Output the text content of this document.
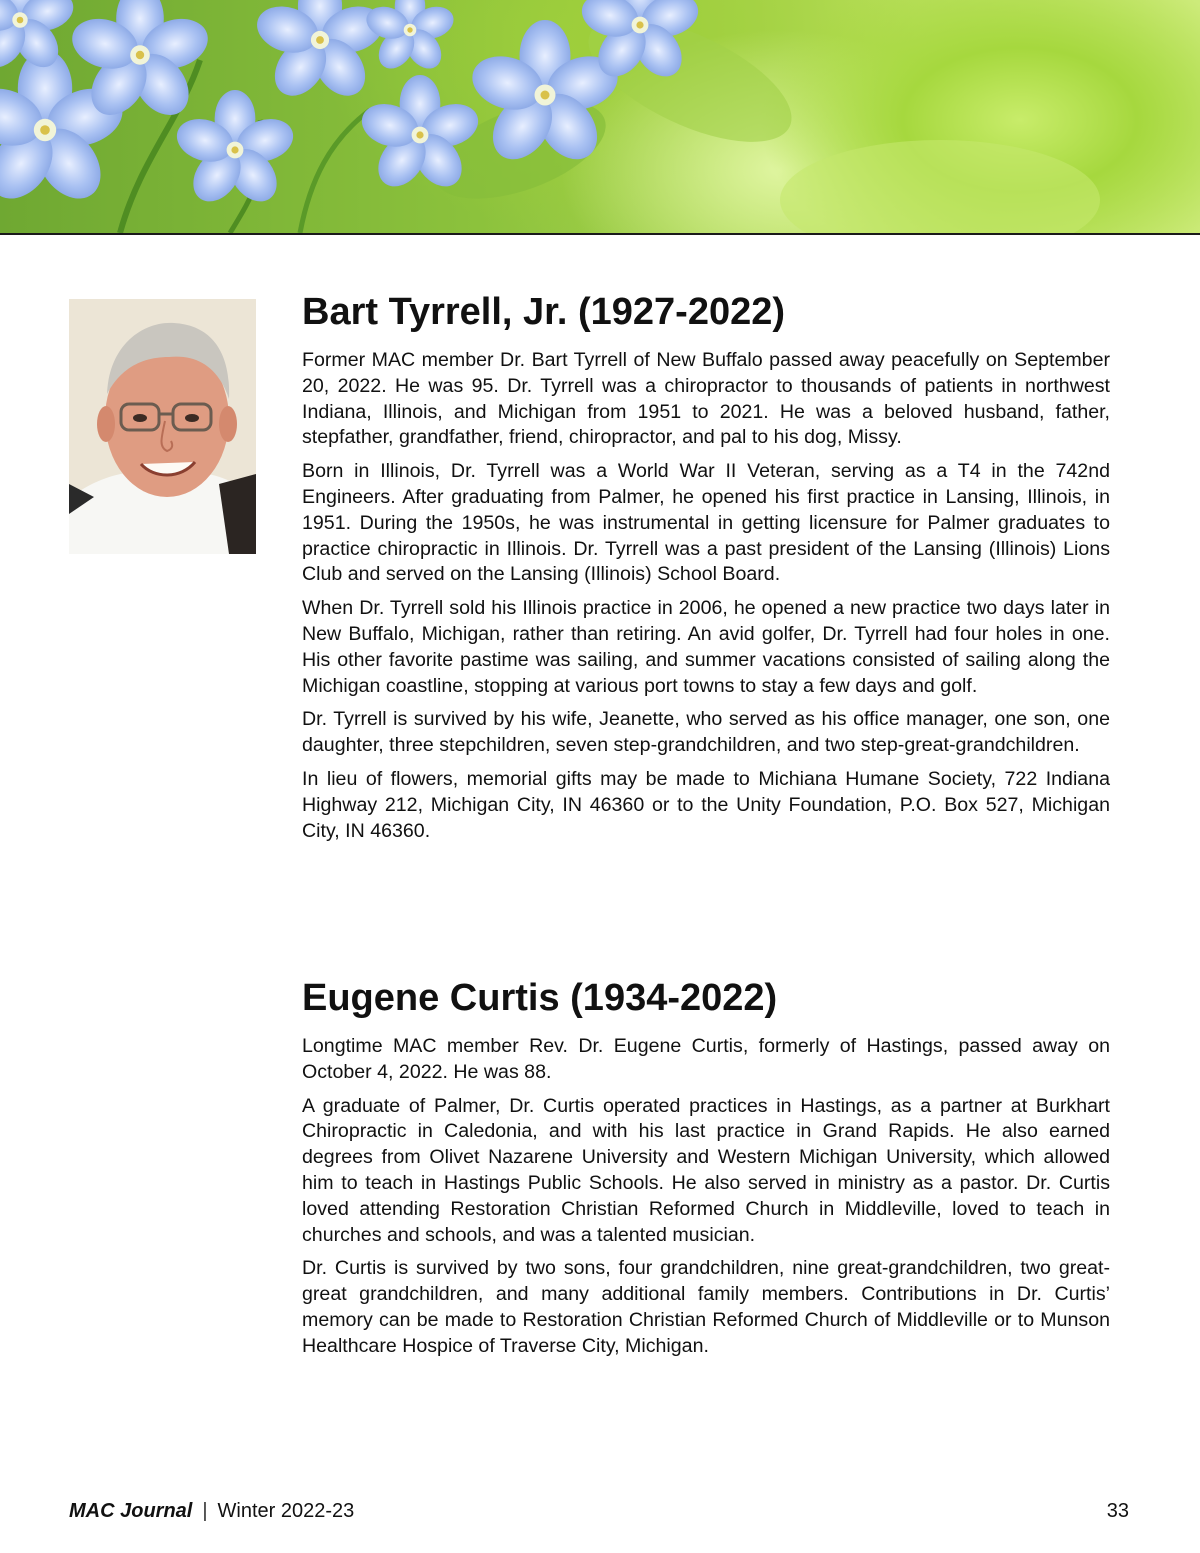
Bart Tyrrell, Jr. (1927-2022)

Former MAC member Dr. Bart Tyrrell of New Buffalo passed away peacefully on September 20, 2022. He was 95. Dr. Tyrrell was a chiropractor to thousands of patients in northwest Indiana, Illinois, and Michigan from 1951 to 2021. He was a beloved husband, father, stepfather, grandfather, friend, chiropractor, and pal to his dog, Missy.

Born in Illinois, Dr. Tyrrell was a World War II Veteran, serving as a T4 in the 742nd Engineers. After graduating from Palmer, he opened his first practice in Lansing, Illinois, in 1951. During the 1950s, he was instrumental in getting licensure for Palmer graduates to practice chiropractic in Illinois. Dr. Tyrrell was a past president of the Lansing (Illinois) Lions Club and served on the Lansing (Illinois) School Board.

When Dr. Tyrrell sold his Illinois practice in 2006, he opened a new practice two days later in New Buffalo, Michigan, rather than retiring. An avid golfer, Dr. Tyrrell had four holes in one. His other favorite pastime was sailing, and summer vacations consisted of sailing along the Michigan coastline, stopping at various port towns to stay a few days and golf.

Dr. Tyrrell is survived by his wife, Jeanette, who served as his office manager, one son, one daughter, three stepchildren, seven step-grandchildren, and two step-great-grandchildren.

In lieu of flowers, memorial gifts may be made to Michiana Humane Society, 722 Indiana Highway 212, Michigan City, IN 46360 or to the Unity Foundation, P.O. Box 527, Michigan City, IN 46360.

Eugene Curtis (1934-2022)

Longtime MAC member Rev. Dr. Eugene Curtis, formerly of Hastings, passed away on October 4, 2022. He was 88.

A graduate of Palmer, Dr. Curtis operated practices in Hastings, as a partner at Burkhart Chiropractic in Caledonia, and with his last practice in Grand Rapids. He also earned degrees from Olivet Nazarene University and Western Michigan University, which allowed him to teach in Hastings Public Schools. He also served in ministry as a pastor. Dr. Curtis loved attending Restoration Christian Reformed Church in Middleville, loved to teach in churches and schools, and was a talented musician.

Dr. Curtis is survived by two sons, four grandchildren, nine great-grandchildren, two great-great grandchildren, and many additional family members. Contributions in Dr. Curtis’ memory can be made to Restoration Christian Reformed Church of Middleville or to Munson Healthcare Hospice of Traverse City, Michigan.

MAC Journal | Winter 2022-23	33
